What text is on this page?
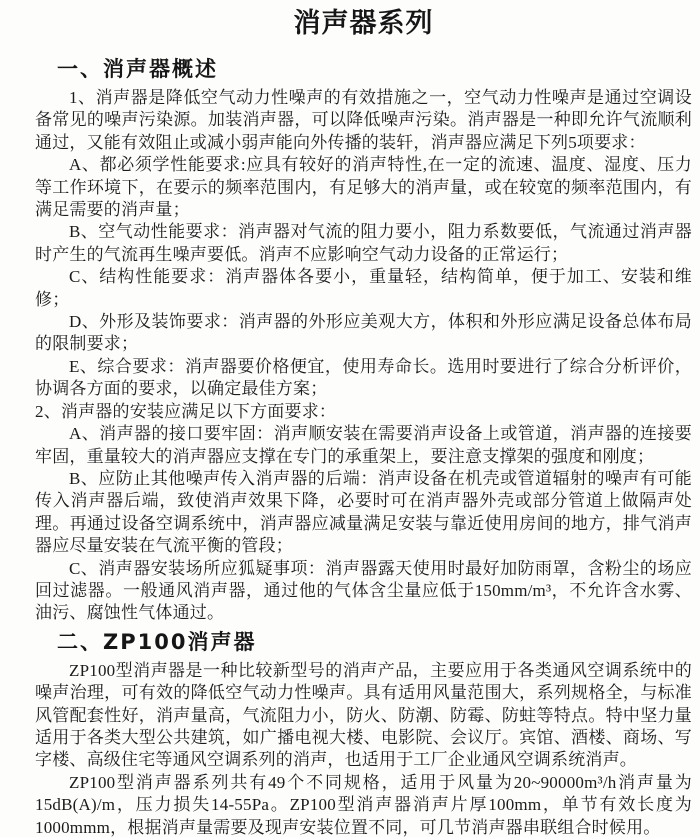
消声器系列
一、消声器概述

1、消声器是降低空气动力性噪声的有效措施之一，空气动力性噪声是通过空调设备常见的噪声污染源。加装消声器，可以降低噪声污染。消声器是一种即允许气流顺利通过，又能有效阻止或减小弱声能向外传播的装轩，消声器应满足下列5项要求：

A、都必须学性能要求:应具有较好的消声特性,在一定的流速、温度、湿度、压力等工作环境下，在要示的频率范围内，有足够大的消声量，或在较宽的频率范围内，有满足需要的消声量；

B、空气动性能要求：消声器对气流的阻力要小，阻力系数要低，气流通过消声器时产生的气流再生噪声要低。消声不应影响空气动力设备的正常运行；

C、结构性能要求：消声器体各要小，重量轻，结构简单，便于加工、安装和维修；

D、外形及装饰要求：消声器的外形应美观大方，体积和外形应满足设备总体布局的限制要求；

E、综合要求：消声器要价格便宜，使用寿命长。选用时要进行了综合分析评价，协调各方面的要求，以确定最佳方案；

2、消声器的安装应满足以下方面要求：

A、消声器的接口要牢固：消声顺安装在需要消声设备上或管道，消声器的连接要牢固，重量较大的消声器应支撑在专门的承重架上，要注意支撑架的强度和刚度；

B、应防止其他噪声传入消声器的后端：消声设备在机壳或管道辐射的噪声有可能传入消声器后端，致使消声效果下降，必要时可在消声器外壳或部分管道上做隔声处理。再通过设备空调系统中，消声器应减量满足安装与靠近使用房间的地方，排气消声器应尽量安装在气流平衡的管段；

C、消声器安装场所应狐疑事项：消声器露天使用时最好加防雨罩，含粉尘的场应回过滤器。一般通风消声器，通过他的气体含尘量应低于150mm/m³，不允许含水雾、油污、腐蚀性气体通过。

二、ZP100消声器

ZP100型消声器是一种比较新型号的消声产品，主要应用于各类通风空调系统中的噪声治理，可有效的降低空气动力性噪声。具有适用风量范围大，系列规格全，与标准风管配套性好，消声量高，气流阻力小，防火、防潮、防霉、防蛀等特点。特中坚力量适用于各类大型公共建筑，如广播电视大楼、电影院、会议厅。宾馆、酒楼、商场、写字楼、高级住宅等通风空调系列的消声，也适用于工厂企业通风空调系统消声。

ZP100型消声器系列共有49个不同规格，适用于风量为20~90000m³/h消声量为15dB(A)/m，压力损失14-55Pa。ZP100型消声器消声片厚100mm，单节有效长度为1000mmm，根据消声量需要及现声安装位置不同，可几节消声器串联组合时候用。
